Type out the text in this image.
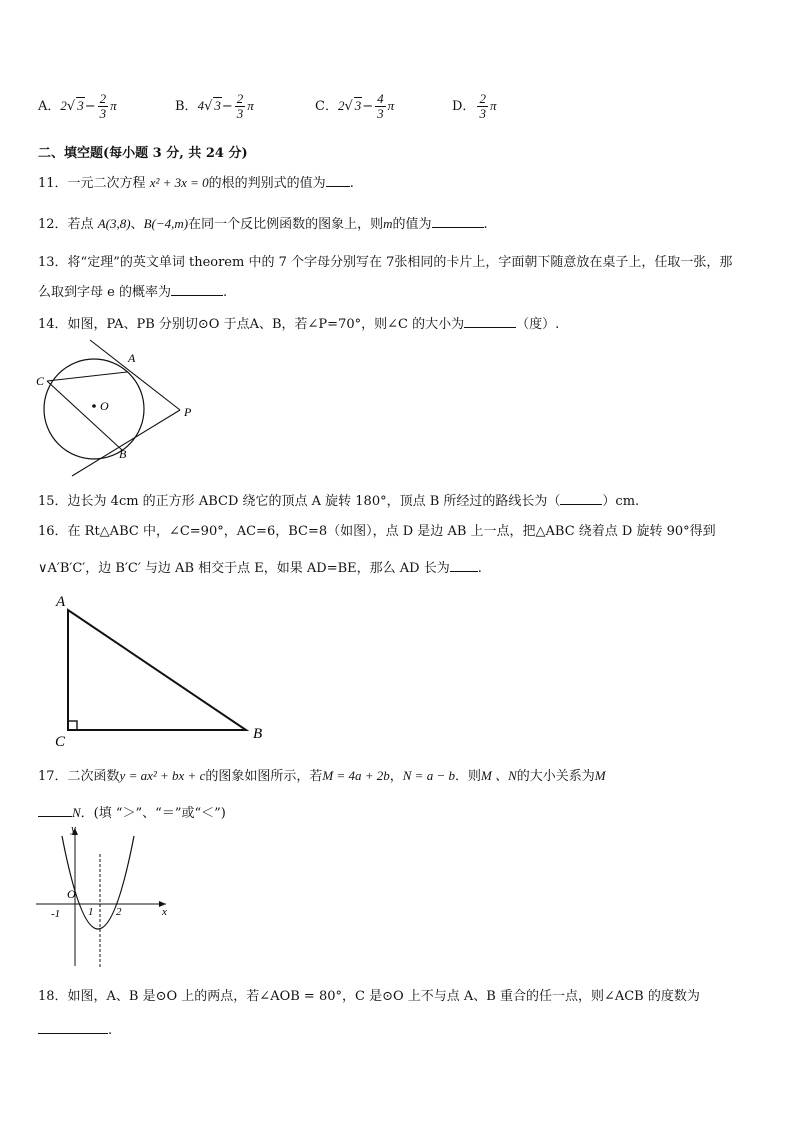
A．2√ $3- \frac{2}{3}$ π	B．4√ $3- \frac{2}{3}$ π	C．2√ $3- \frac{4}{3}$ π	D． $\frac{2}{3}$ π
二、填空题(每小题 3 分, 共 24 分)
11．一元二次方程 x² + 3x = 0的根的判别式的值为 .
12．若点 A(3,8)、B(−4,m)在同一个反比例函数的图象上，则m的值为	.
13．将“定理”的英文单词 theorem 中的 7 个字母分别写在 7张相同的卡片上，字面朝下随意放在桌子上，任取一张，那
么取到字母 e 的概率为	.
14．如图，PA、PB 分别切⊙O 于点A、B，若∠P=70°，则∠C 的大小为	（度）.
C
A
O	P
B
15．边长为 4cm 的正方形 ABCD 绕它的顶点 A 旋转 180°，顶点 B 所经过的路线长为（	）cm.
16．在 Rt△ABC 中，∠C=90°，AC=6，BC=8（如图），点 D 是边 AB 上一点，把△ABC 绕着点 D 旋转 90°得到
∨A′B′C′，边 B′C′ 与边 AB 相交于点 E，如果 AD=BE，那么 AD 长为 .
A
B
C
17．二次函数y = ax² + bx + c的图象如图所示，若M = 4a + 2b，N = a − b．则M 、N的大小关系为M
N．(填 “＞”、“＝”或“＜”)
y
x
O
-1	1 2
18．如图，A、B 是⊙O 上的两点，若∠AOB = 80°，C 是⊙O 上不与点 A、B 重合的任一点，则∠ACB 的度数为
.
